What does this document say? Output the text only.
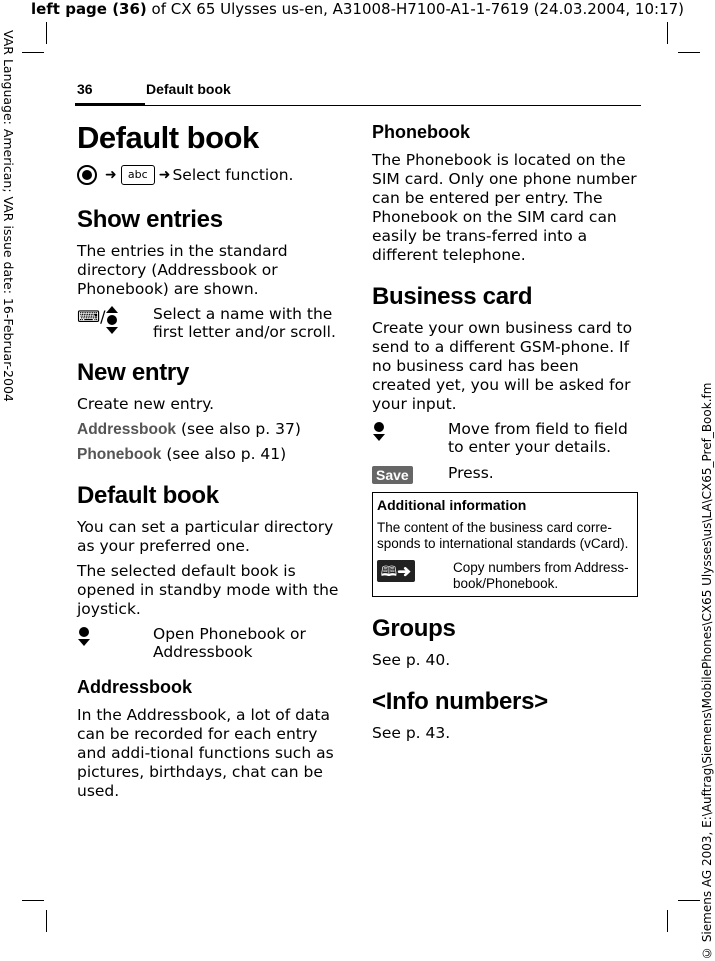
left page (36) of CX 65 Ulysses us-en, A31008-H7100-A1-1-7619 (24.03.2004, 10:17)
VAR Language: American; VAR issue date: 16-Februar-2004
© Siemens AG 2003, E:\Auftrag\Siemens\MobilePhones\CX65 Ulysses\us\LA\CX65_Pref_Book.fm
36	Default book
Default book
➜	abc ➜ Select function.
Show entries

The entries in the standard directory (Addressbook or Phonebook) are shown.

⌨/	Select a name with the first letter and/or scroll.
New entry

Create new entry.

Addressbook (see also p. 37)

Phonebook (see also p. 41)

Default book

You can set a particular directory as your preferred one.

The selected default book is opened in standby mode with the joystick.

Open Phonebook or Addressbook
Addressbook

In the Addressbook, a lot of data can be recorded for each entry and addi-tional functions such as pictures, birthdays, chat can be used.

Phonebook

The Phonebook is located on the SIM card. Only one phone number can be entered per entry. The Phonebook on the SIM card can easily be trans-ferred into a different telephone.

Business card

Create your own business card to send to a different GSM-phone. If no business card has been created yet, you will be asked for your input.

Move from field to field to enter your details.
Save	Press.
Additional information
The content of the business card corre-sponds to international standards (vCard).
🕮➜	Copy numbers from Address-book/Phonebook.
Groups

See p. 40.

<Info numbers>

See p. 43.
